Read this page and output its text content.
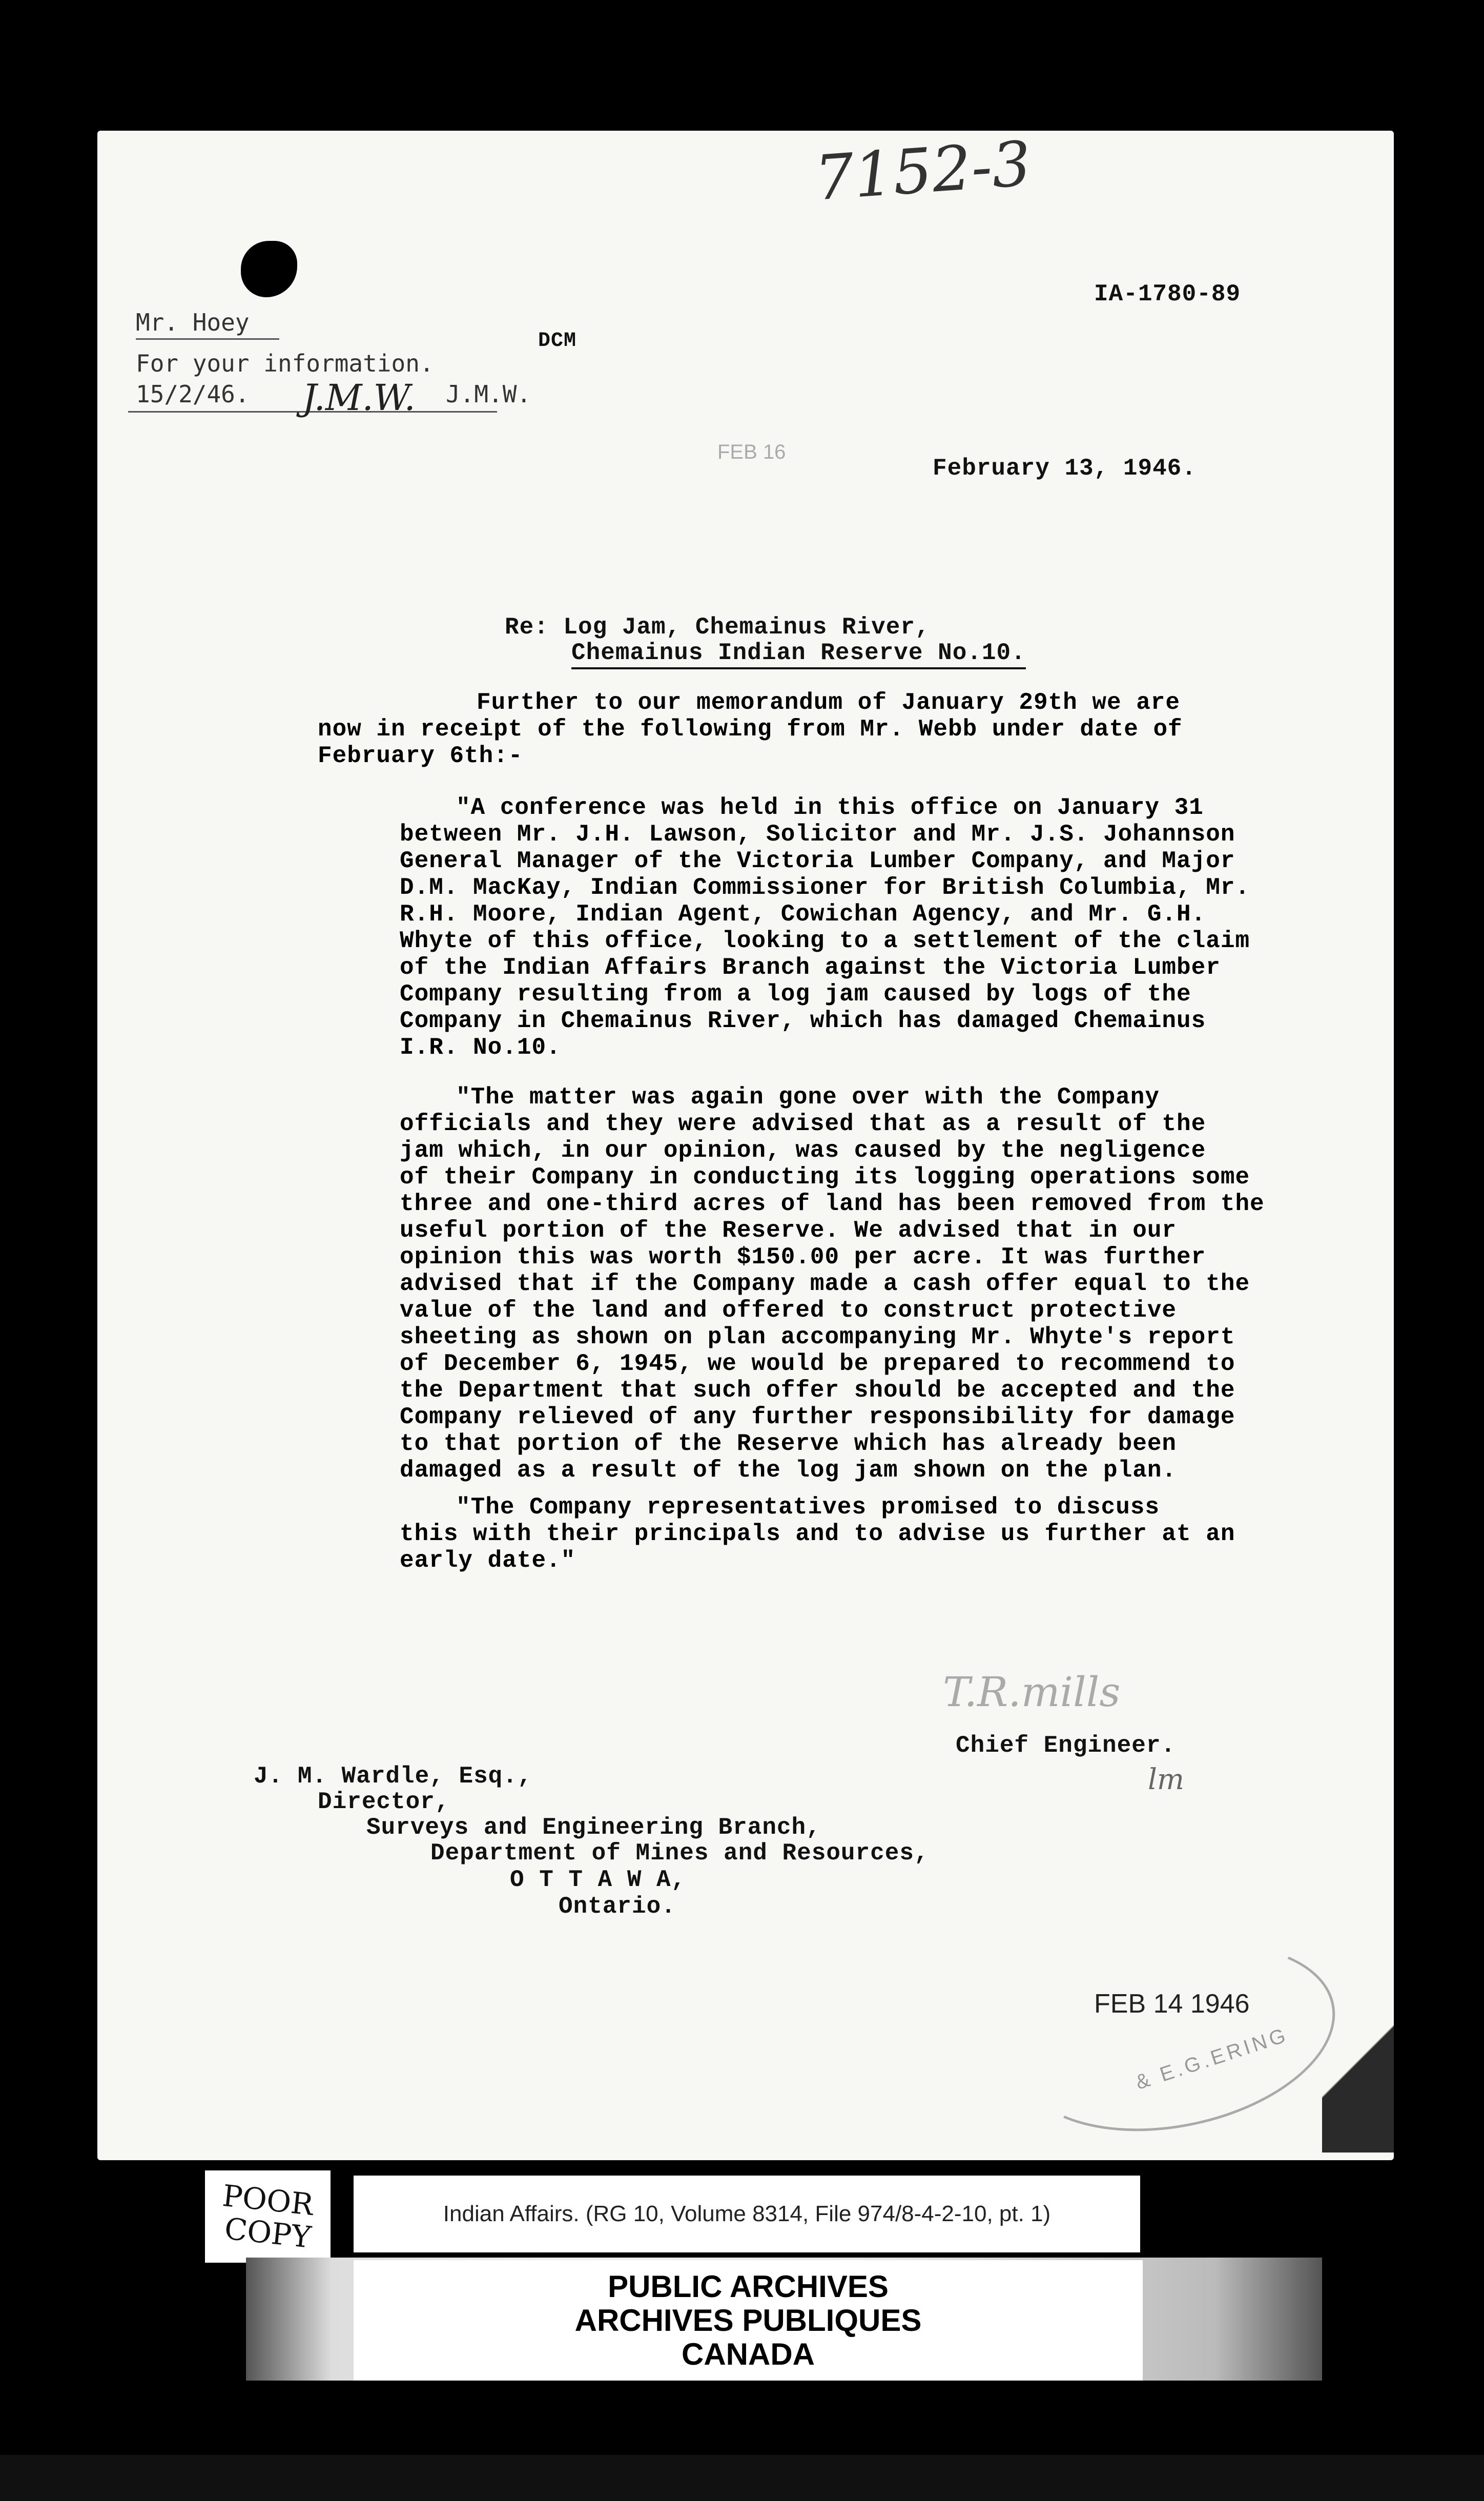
7152-3
Mr. Hoey
For your information.
15/2/46.	J.M.W.
J.M.W.
DCM
IA-1780-89
FEB 16
February 13, 1946.
Re: Log Jam, Chemainus River,
Chemainus Indian Reserve No.10.
Further to our memorandum of January 29th we are
now in receipt of the following from Mr. Webb under date of
February 6th:-
"A conference was held in this office on January 31
between Mr. J.H. Lawson, Solicitor and Mr. J.S. Johannson
General Manager of the Victoria Lumber Company, and Major
D.M. MacKay, Indian Commissioner for British Columbia, Mr.
R.H. Moore, Indian Agent, Cowichan Agency, and Mr. G.H.
Whyte of this office, looking to a settlement of the claim
of the Indian Affairs Branch against the Victoria Lumber
Company resulting from a log jam caused by logs of the
Company in Chemainus River, which has damaged Chemainus
I.R. No.10.
"The matter was again gone over with the Company
officials and they were advised that as a result of the
jam which, in our opinion, was caused by the negligence
of their Company in conducting its logging operations some
three and one-third acres of land has been removed from the
useful portion of the Reserve. We advised that in our
opinion this was worth $150.00 per acre. It was further
advised that if the Company made a cash offer equal to the
value of the land and offered to construct protective
sheeting as shown on plan accompanying Mr. Whyte's report
of December 6, 1945, we would be prepared to recommend to
the Department that such offer should be accepted and the
Company relieved of any further responsibility for damage
to that portion of the Reserve which has already been
damaged as a result of the log jam shown on the plan.
"The Company representatives promised to discuss
this with their principals and to advise us further at an
early date."
T.R.mills
Chief Engineer.
lm
J. M. Wardle, Esq.,
Director,
Surveys and Engineering Branch,
Department of Mines and Resources,
O T T A W A,
Ontario.
FEB 14 1946
& E.G.ERING
POOR
COPY	Indian Affairs. (RG 10, Volume 8314, File 974/8-4-2-10, pt. 1)
PUBLIC ARCHIVES
ARCHIVES PUBLIQUES
CANADA
